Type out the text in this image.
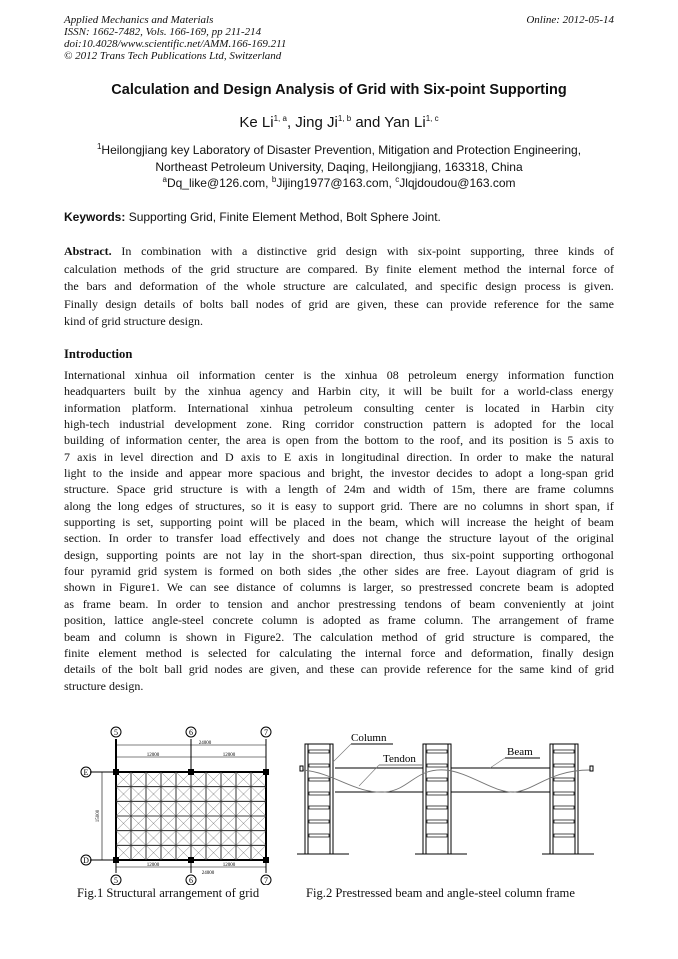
Applied Mechanics and Materials
ISSN: 1662-7482, Vols. 166-169, pp 211-214
doi:10.4028/www.scientific.net/AMM.166-169.211
© 2012 Trans Tech Publications Ltd, Switzerland
Online: 2012-05-14
Calculation and Design Analysis of Grid with Six-point Supporting
Ke Li$^{1, a}$, Jing Ji$^{1, b}$ and Yan Li$^{1, c}$
$^1$Heilongjiang key Laboratory of Disaster Prevention, Mitigation and Protection Engineering,
Northeast Petroleum University, Daqing, Heilongjiang, 163318, China
$^a$Dq_like@126.com, $^b$Jijing1977@163.com, $^c$Jlqjdoudou@163.com
Keywords: Supporting Grid, Finite Element Method, Bolt Sphere Joint.
Abstract. In combination with a distinctive grid design with six-point supporting, three kinds of
calculation methods of the grid structure are compared. By finite element method the internal force of
the bars and deformation of the whole structure are calculated, and specific design process is given.
Finally design details of bolts ball nodes of grid are given, these can provide reference for the same
kind of grid structure design.
Introduction
International xinhua oil information center is the xinhua 08 petroleum energy information function
headquarters built by the xinhua agency and Harbin city, it will be built for a world-class energy
information platform. International xinhua petroleum consulting center is located in Harbin city
high-tech industrial development zone. Ring corridor construction pattern is adopted for the local
building of information center, the area is open from the bottom to the roof, and its position is 5 axis to
7 axis in level direction and D axis to E axis in longitudinal direction. In order to make the natural
light to the inside and appear more spacious and bright, the investor decides to adopt a long-span grid
structure. Space grid structure is with a length of 24m and width of 15m, there are frame columns
along the long edges of structures, so it is easy to support grid. There are no columns in short span, if
supporting is set, supporting point will be placed in the beam, which will increase the height of beam
section. In order to transfer load effectively and does not change the structure layout of the original
design, supporting points are not lay in the short-span direction, thus six-point supporting orthogonal
four pyramid grid system is formed on both sides ,the other sides are free. Layout diagram of grid is
shown in Figure1. We can see distance of columns is larger, so prestressed concrete beam is adopted
as frame beam. In order to tension and anchor prestressing tendons of beam conveniently at joint
position, lattice angle-steel concrete column is adopted as frame column. The arrangement of frame
beam and column is shown in Figure2. The calculation method of grid structure is compared, the
finite element method is selected for calculating the internal force and deformation, finally design
details of the bolt ball grid nodes are given, and these can provide reference for the same kind of grid
structure design.
5
5
6
6
7
7
E
D
24000
12000	12000
12000	12000
24000
15000
Fig.1 Structural arrangement of grid
Column
Tendon
Beam
Fig.2 Prestressed beam and angle-steel column frame
